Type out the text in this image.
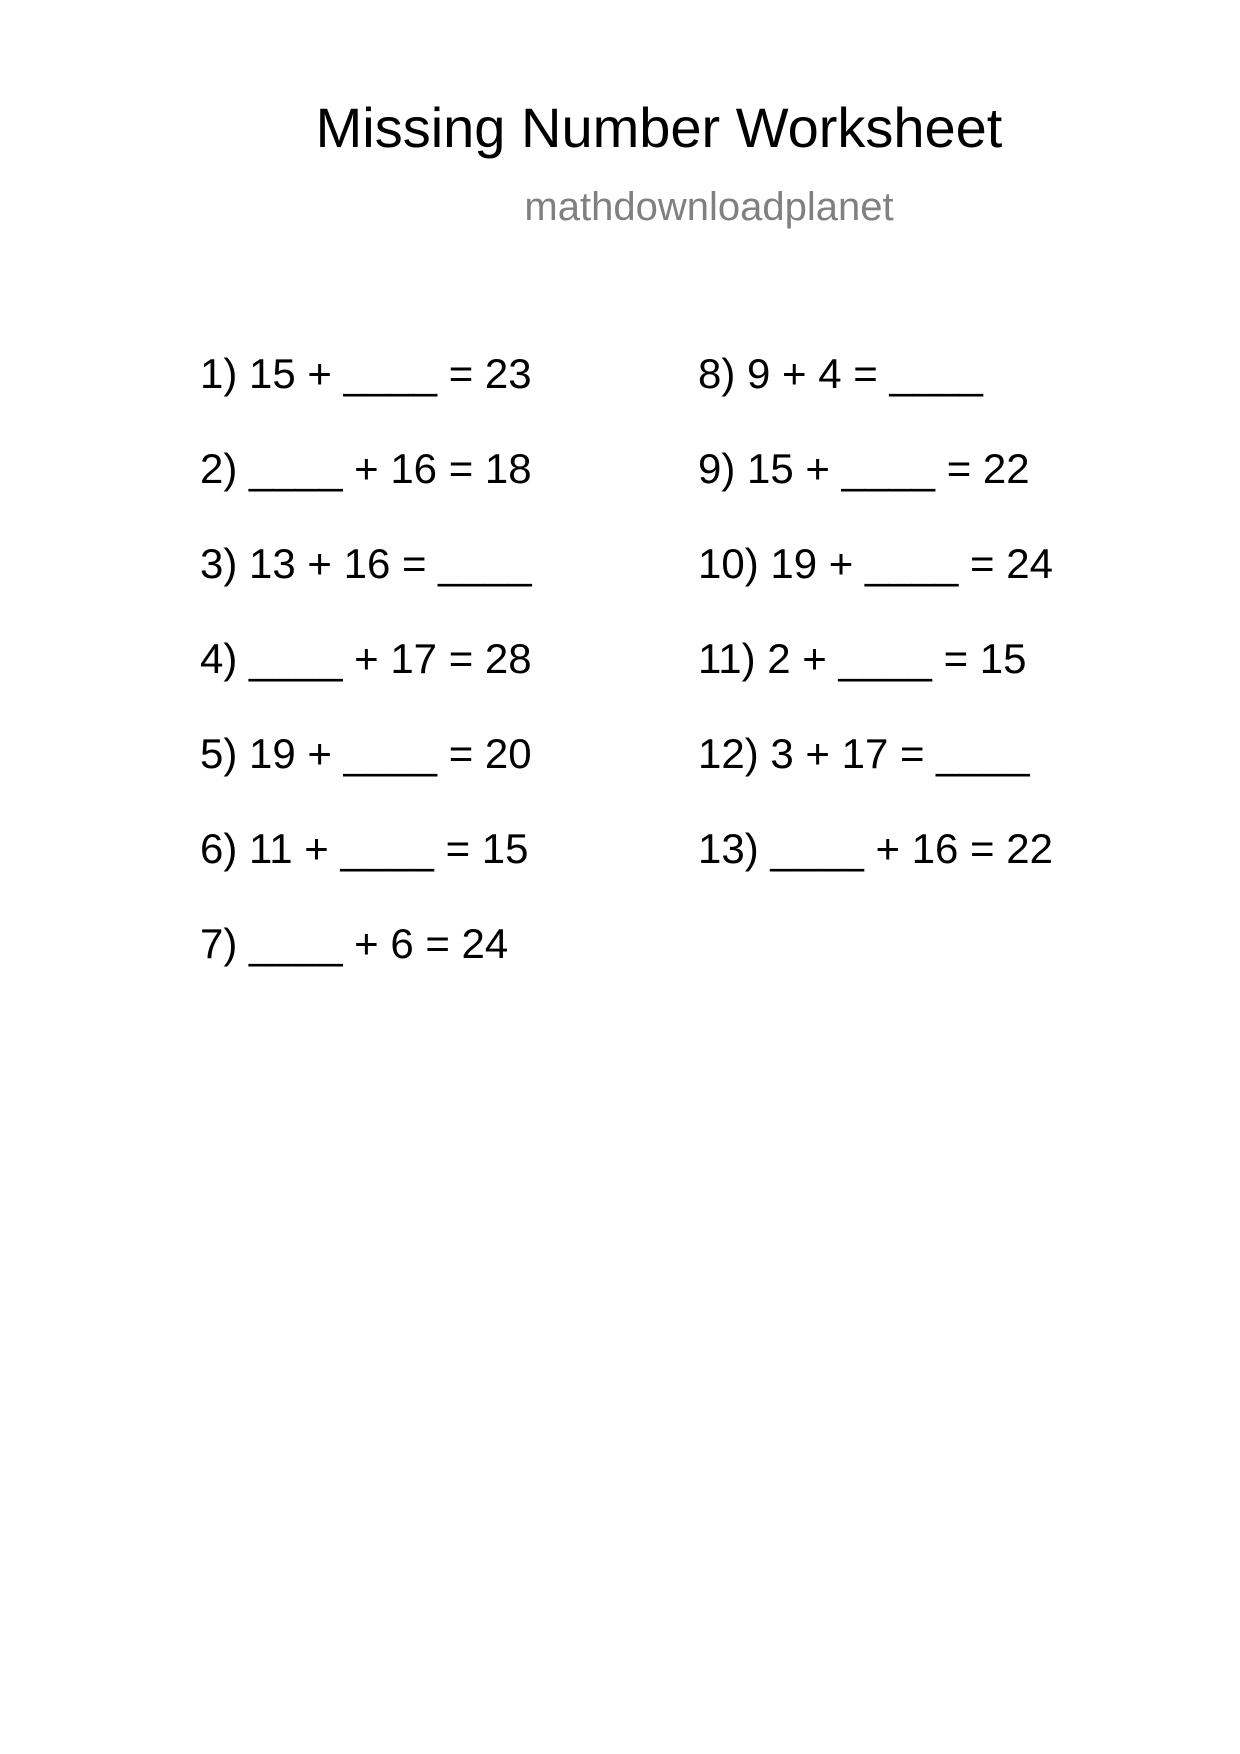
Missing Number Worksheet
mathdownloadplanet
1) 15 + ____ = 23
2) ____ + 16 = 18
3) 13 + 16 = ____
4) ____ + 17 = 28
5) 19 + ____ = 20
6) 11 + ____ = 15
7) ____ + 6 = 24
8) 9 + 4 = ____
9) 15 + ____ = 22
10) 19 + ____ = 24
11) 2 + ____ = 15
12) 3 + 17 = ____
13) ____ + 16 = 22
